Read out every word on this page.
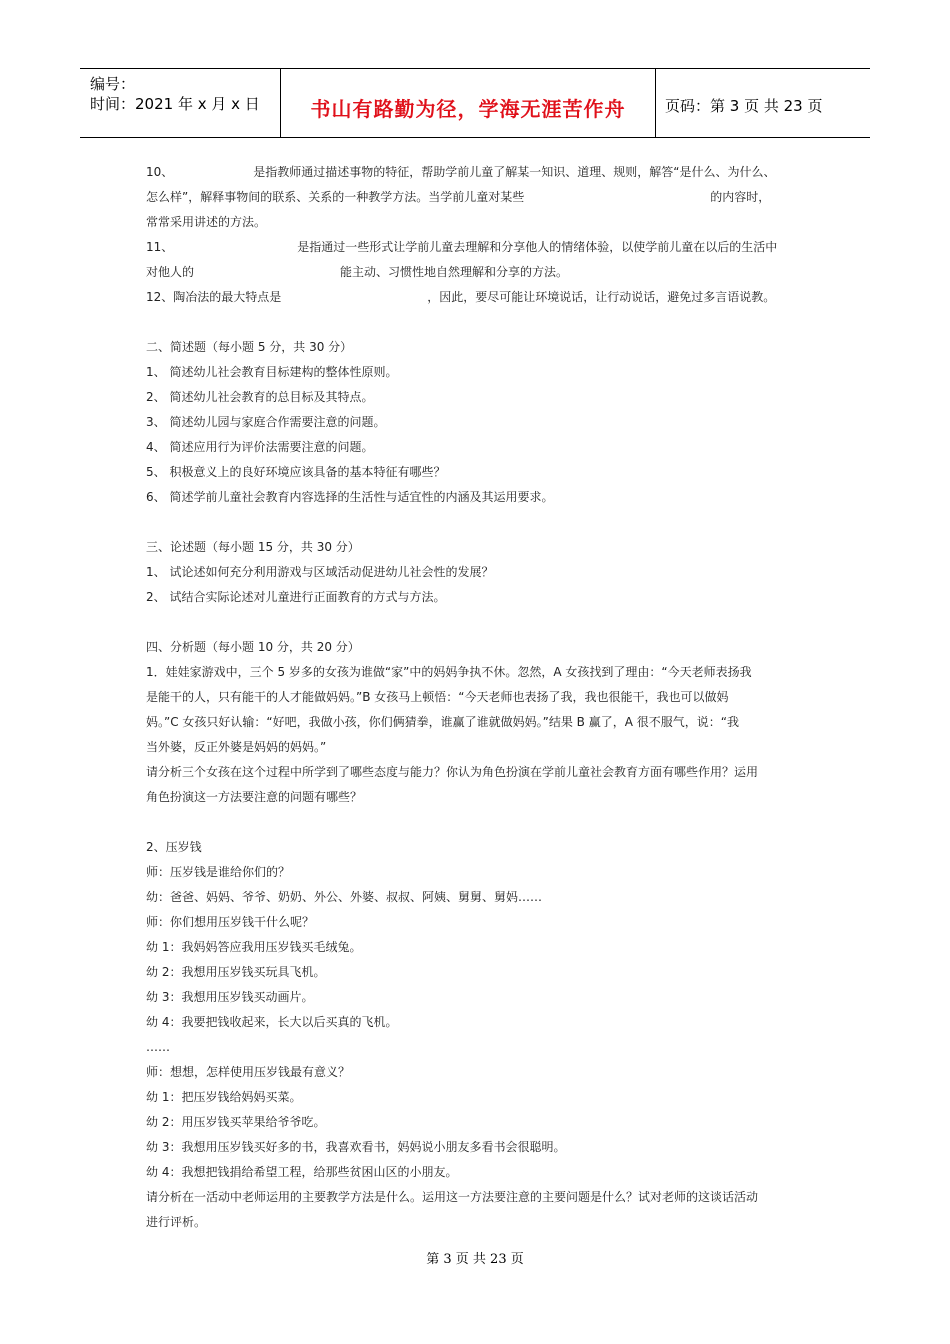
编号：
时间：2021 年 x 月 x 日	书山有路勤为径，学海无涯苦作舟	页码：第 3 页 共 23 页
10、	是指教师通过描述事物的特征，帮助学前儿童了解某一知识、道理、规则，解答“是什么、为什么、
怎么样”，解释事物间的联系、关系的一种教学方法。当学前儿童对某些	的内容时，
常常采用讲述的方法。
11、	是指通过一些形式让学前儿童去理解和分享他人的情绪体验，以使学前儿童在以后的生活中
对他人的	能主动、习惯性地自然理解和分享的方法。
12、陶冶法的最大特点是	，因此，要尽可能让环境说话，让行动说话，避免过多言语说教。
二、简述题（每小题 5 分，共 30 分）
1、 简述幼儿社会教育目标建构的整体性原则。
2、 简述幼儿社会教育的总目标及其特点。
3、 简述幼儿园与家庭合作需要注意的问题。
4、 简述应用行为评价法需要注意的问题。
5、 积极意义上的良好环境应该具备的基本特征有哪些？
6、 简述学前儿童社会教育内容选择的生活性与适宜性的内涵及其运用要求。
三、论述题（每小题 15 分，共 30 分）
1、 试论述如何充分利用游戏与区域活动促进幼儿社会性的发展？
2、 试结合实际论述对儿童进行正面教育的方式与方法。
四、分析题（每小题 10 分，共 20 分）
1．娃娃家游戏中，三个 5 岁多的女孩为谁做“家”中的妈妈争执不休。忽然，A 女孩找到了理由：“今天老师表扬我
是能干的人，只有能干的人才能做妈妈。”B 女孩马上顿悟：“今天老师也表扬了我，我也很能干，我也可以做妈
妈。”C 女孩只好认输：“好吧，我做小孩，你们俩猜拳，谁赢了谁就做妈妈。”结果 B 赢了，A 很不服气，说：“我
当外婆，反正外婆是妈妈的妈妈。”
请分析三个女孩在这个过程中所学到了哪些态度与能力？你认为角色扮演在学前儿童社会教育方面有哪些作用？运用
角色扮演这一方法要注意的问题有哪些？
2、压岁钱
师：压岁钱是谁给你们的？
幼：爸爸、妈妈、爷爷、奶奶、外公、外婆、叔叔、阿姨、舅舅、舅妈……
师：你们想用压岁钱干什么呢？
幼 1：我妈妈答应我用压岁钱买毛绒兔。
幼 2：我想用压岁钱买玩具飞机。
幼 3：我想用压岁钱买动画片。
幼 4：我要把钱收起来，长大以后买真的飞机。
……
师：想想，怎样使用压岁钱最有意义？
幼 1：把压岁钱给妈妈买菜。
幼 2：用压岁钱买苹果给爷爷吃。
幼 3：我想用压岁钱买好多的书，我喜欢看书，妈妈说小朋友多看书会很聪明。
幼 4：我想把钱捐给希望工程，给那些贫困山区的小朋友。
请分析在一活动中老师运用的主要教学方法是什么。运用这一方法要注意的主要问题是什么？试对老师的这谈话活动
进行评析。
第 3 页 共 23 页
